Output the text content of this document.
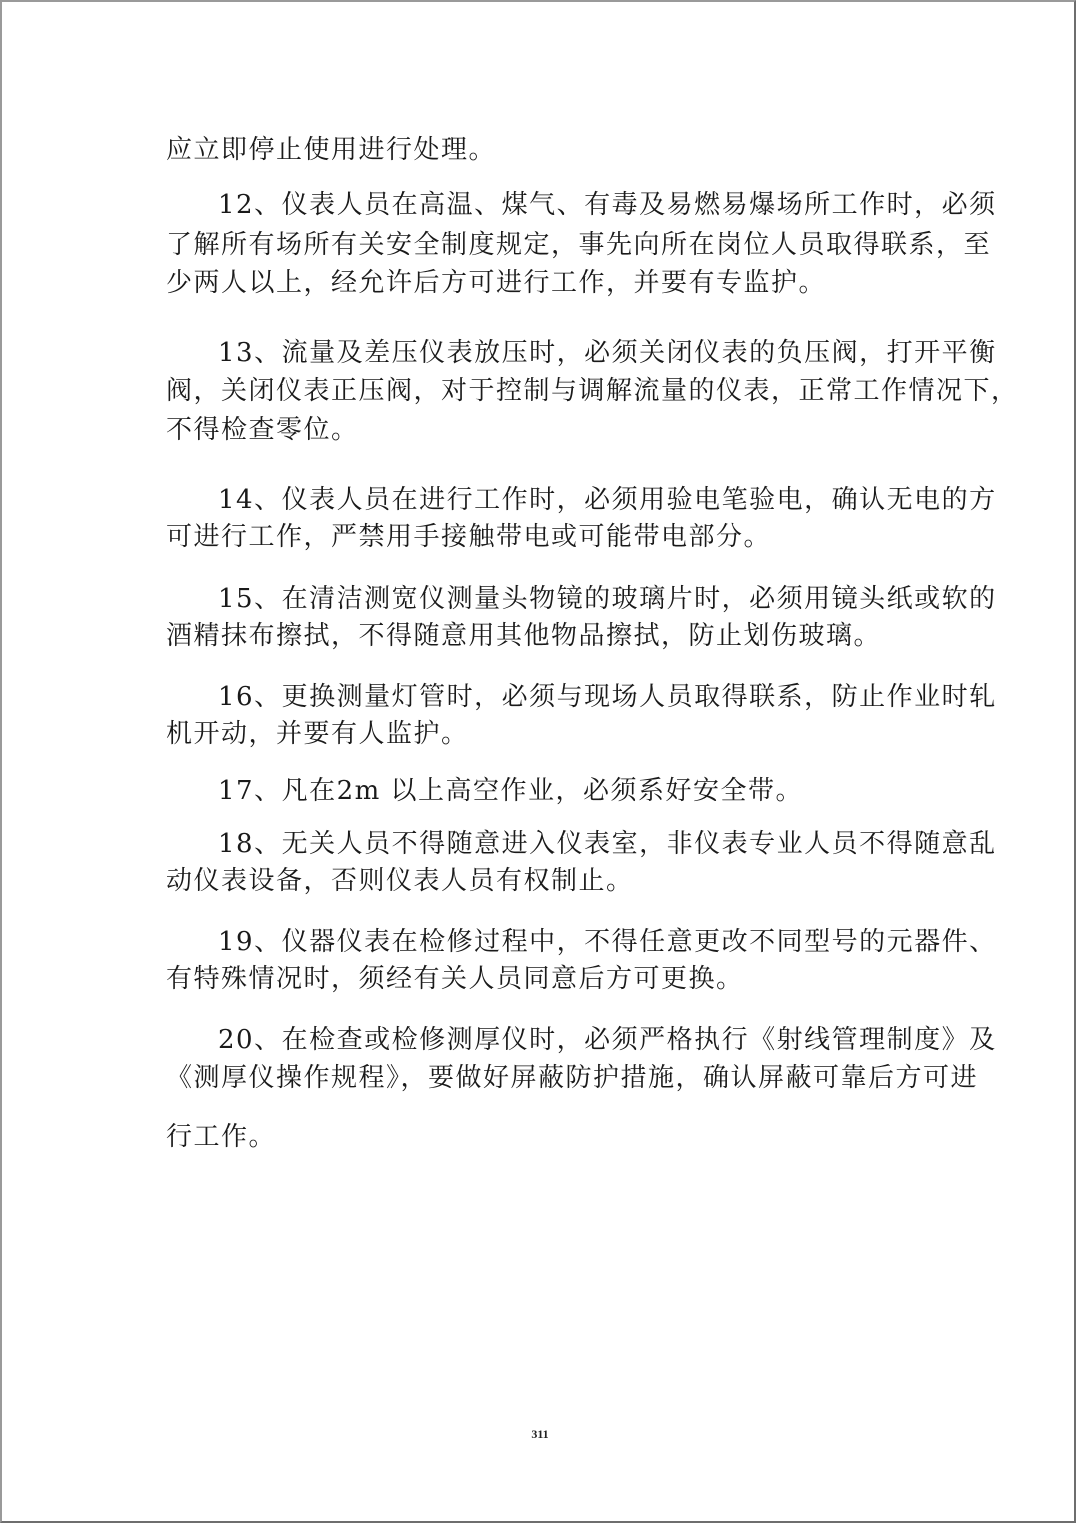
应立即停止使用进行处理。
12、仪表人员在高温、煤气、有毒及易燃易爆场所工作时，必须
了解所有场所有关安全制度规定，事先向所在岗位人员取得联系，至
少两人以上，经允许后方可进行工作，并要有专监护。
13、流量及差压仪表放压时，必须关闭仪表的负压阀，打开平衡
阀，关闭仪表正压阀，对于控制与调解流量的仪表，正常工作情况下，
不得检查零位。
14、仪表人员在进行工作时，必须用验电笔验电，确认无电的方
可进行工作，严禁用手接触带电或可能带电部分。
15、在清洁测宽仪测量头物镜的玻璃片时，必须用镜头纸或软的
酒精抹布擦拭，不得随意用其他物品擦拭，防止划伤玻璃。
16、更换测量灯管时，必须与现场人员取得联系，防止作业时轧
机开动，并要有人监护。
17、凡在2m 以上高空作业，必须系好安全带。
18、无关人员不得随意进入仪表室，非仪表专业人员不得随意乱
动仪表设备，否则仪表人员有权制止。
19、仪器仪表在检修过程中，不得任意更改不同型号的元器件、
有特殊情况时，须经有关人员同意后方可更换。
20、在检查或检修测厚仪时，必须严格执行《射线管理制度》及
《测厚仪操作规程》，要做好屏蔽防护措施，确认屏蔽可靠后方可进
行工作。
311
